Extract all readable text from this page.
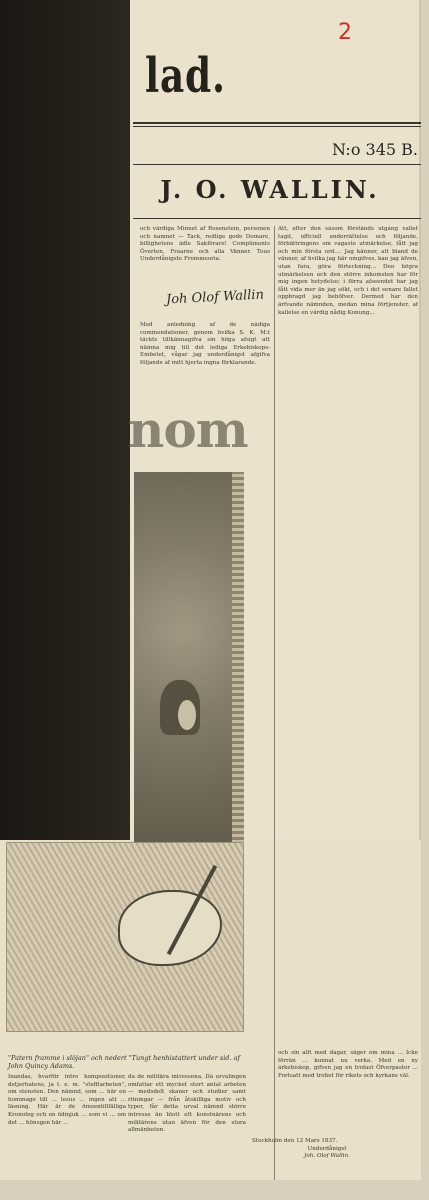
2
lad.
N:o 345 B.
J. O. WALLIN.
och värdiga Minnet af Rosenstein, personen och namnet — Tack, redlige gode Domare, billighetens ädle Sakförare! Compliments Överten, Fraarne och alla Vänner. Tous Underdånigste Frommeoria.
Joh Olof Wallin
Med anledning af de nådiga commendationer, genom hvilka S. K. M:t täckts tillkännagifva sin höga afsigt att nämna mig till det lediga Erkebiskops-Embetet, vågar jag underdånigst afgifva följande af mitt hjerta ingna förklarande.
Att, efter den såsom förstånds utgång vallet tagit, officiell underrättelse och följande, förbättringens om vagaste utmärkelse, fått jag och min första ord.... Jag känner, att bland de vänner, af hvilka jag här omgifves, kan jag äfven, utan fara, göra förteckning... Den högra utmärkelsen och den större inkomsten har för mig ingen betydelse; i förra afseendet har jag fått vida mer än jag sökt, och i det senare fallet oppbragd jag behöfver. Dermed har den ärfvande nämnden, medan mina förtjenster, af kallelse en värdig nådig Konung...
och sin allt med dagar, säger om mina ... Icke förrän ... kunnat nu verka. Med en ny ärkebiskop, gifven jag en trofast Öfverpastor ... Fortsatt med trohet för rikets och kyrkans väl.
nom
"Patern framme i slöjan" och nedert "Tungt henhistattert under sid. af John Quincy Adams.
Inandas, hvarför intre kompositioner, detjerhatens, ja t. e. m. "stefflarbeten", om stensten. Den nämnd, som ... här en hommage till ... lesus ... ingen att ... läsning. Här är de ömsentillfälliga Kronolog och en ödmjuk ... som vi ... om det ... hönsgen här ...
da de militära intressena. Då urvalingen omfattar ett mycket stort antal arbeten — medsdelt skaner och studier samt ritningar — från åtskilliga motiv och typer, får detta urval nämnd större intresse än blott ett konstnärens och militärens utan äfven för den stora allmänheten.
Stockholm den 12 Mars 1837.
Underdånigst
Joh. Olof Wallin.
